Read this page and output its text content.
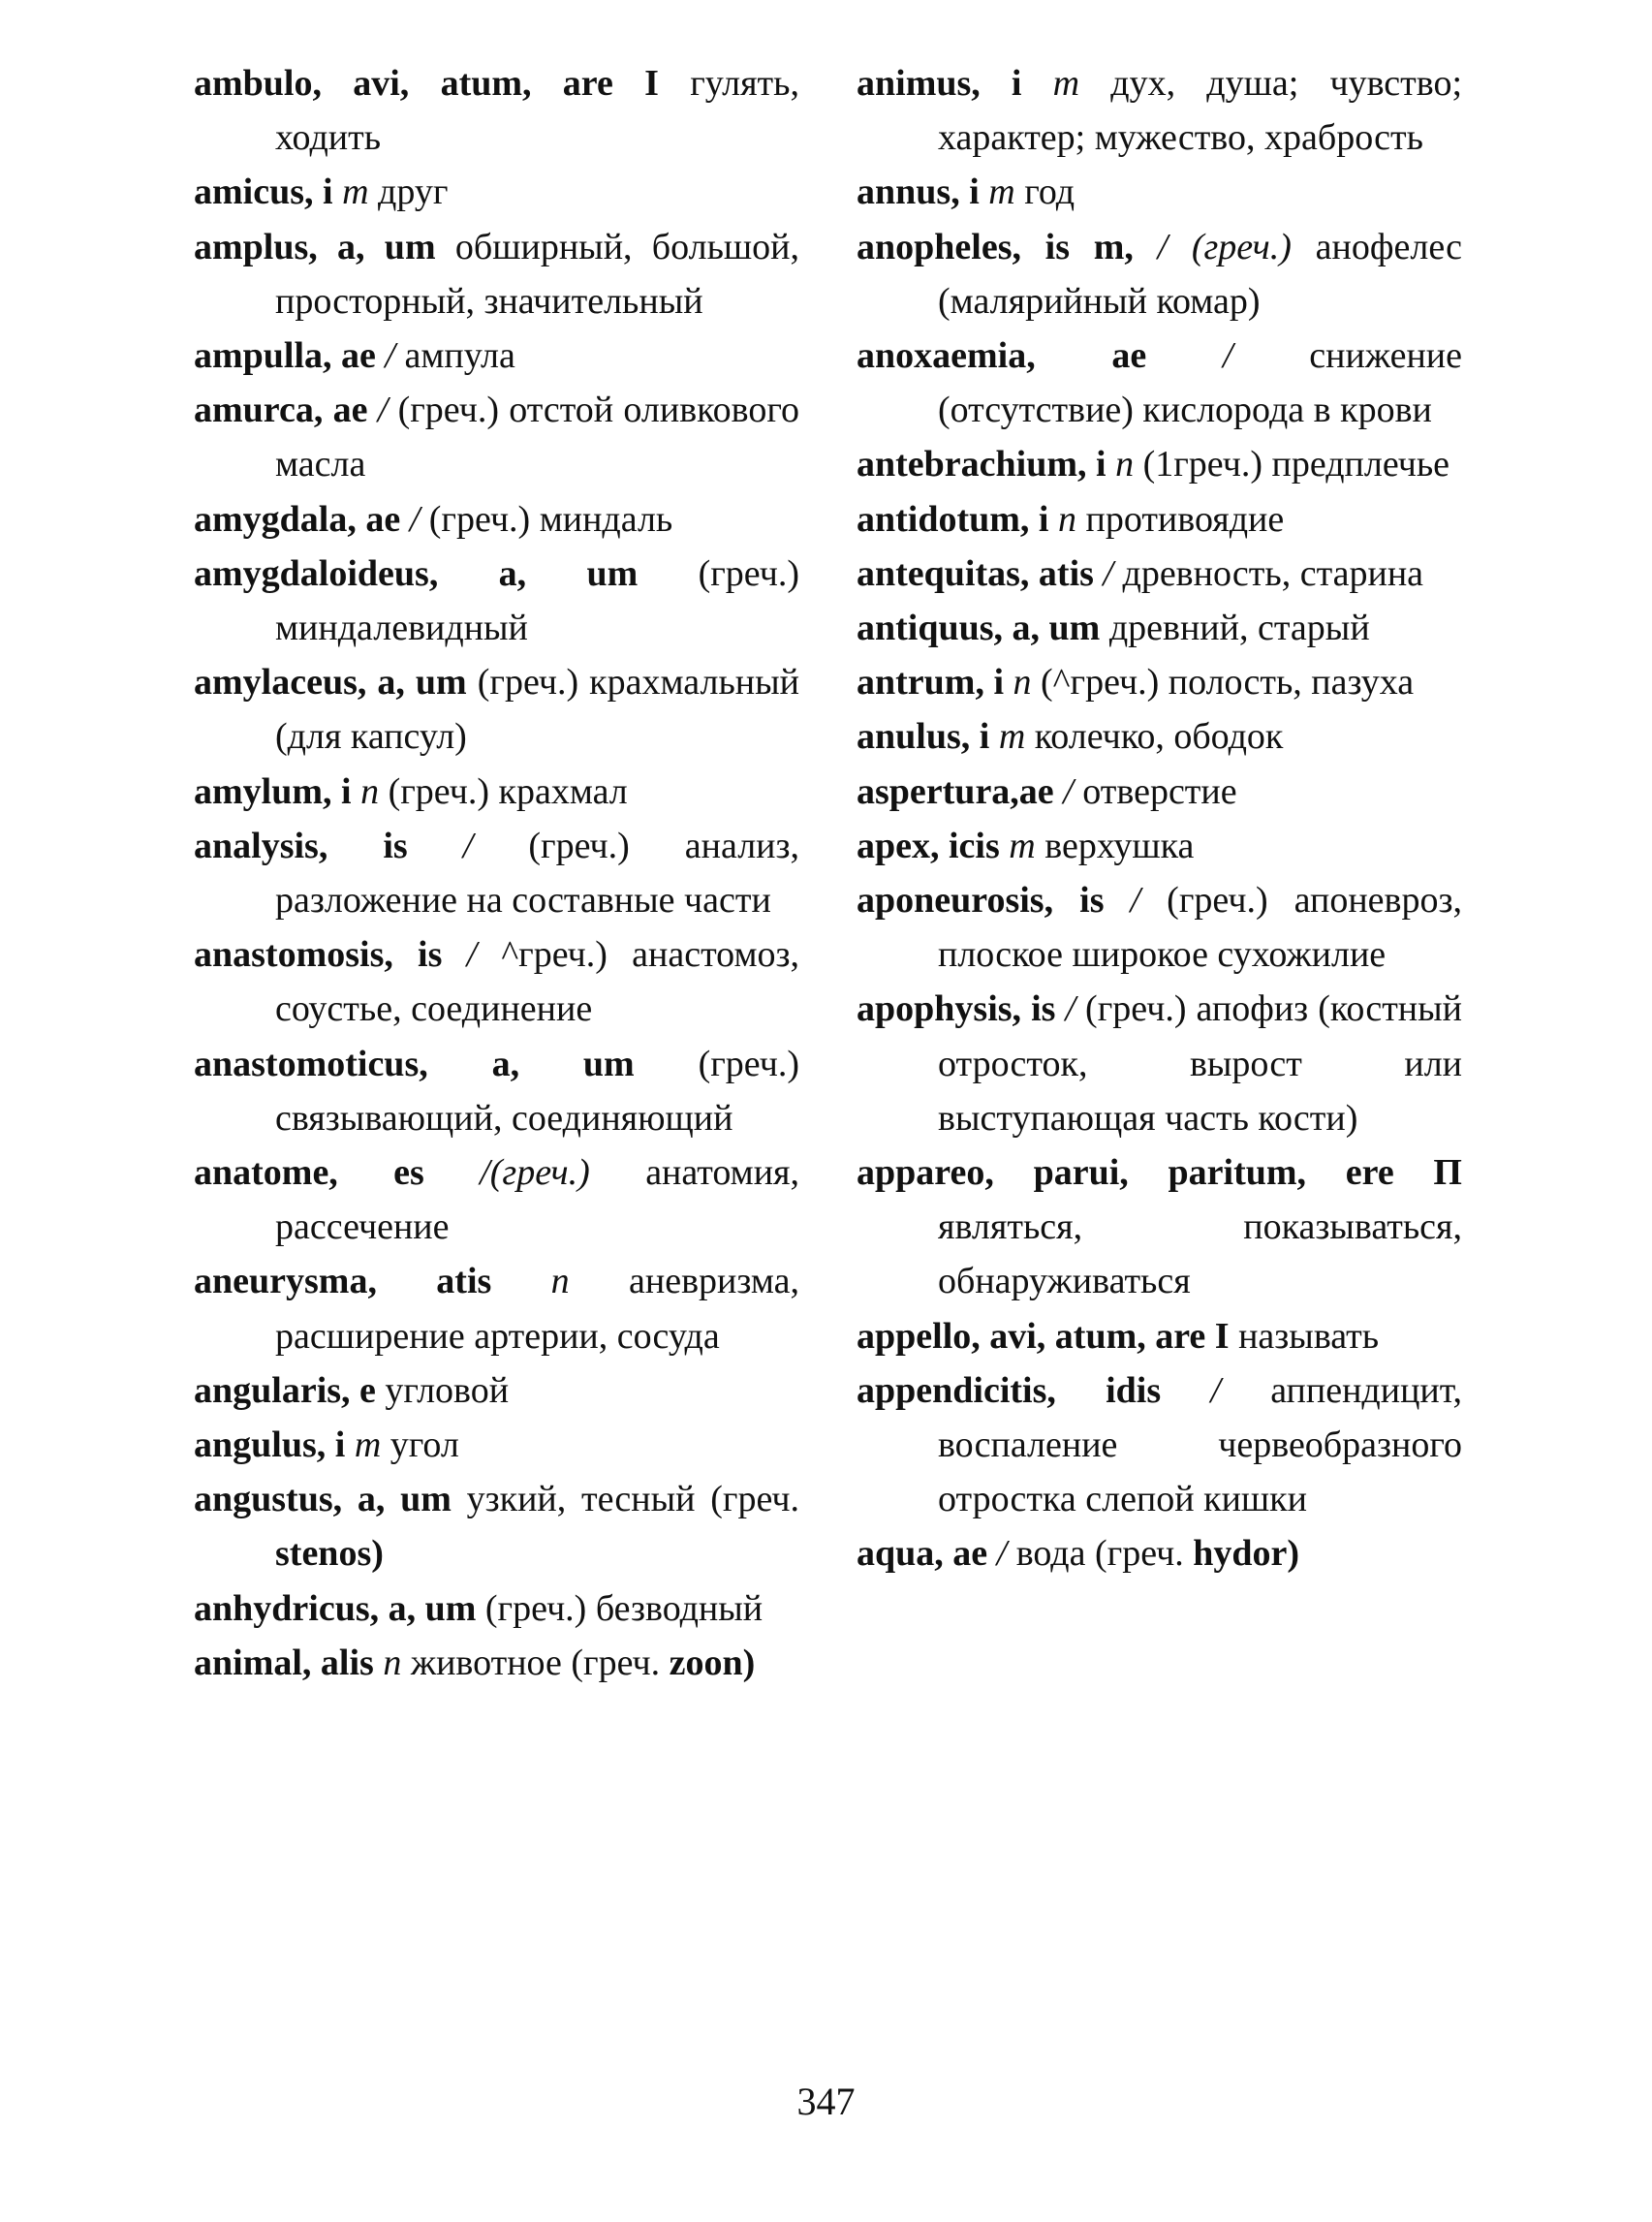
ambulo, avi, atum, are I гулять, ходить

amicus, i m друг

amplus, a, um обширный, большой, просторный, значительный

ampulla, ae / ампула

amurca, ae / (греч.) отстой оливкового масла

amygdala, ae / (греч.) миндаль

amygdaloideus, a, um (греч.) миндалевидный

amylaceus, a, um (греч.) крахмальный (для капсул)

amylum, i n (греч.) крахмал

analysis, is / (греч.) анализ, разложение на составные части

anastomosis, is / ^греч.) анастомоз, соустье, соединение

anastomoticus, a, um (греч.) связывающий, соединяющий

anatome, es /(греч.) анатомия, рассечение

aneurysma, atis n аневризма, расширение артерии, сосуда

angularis, e угловой

angulus, i m угол

angustus, a, um узкий, тесный (греч. stenos)

anhydricus, a, um (греч.) безводный

animal, alis n животное (греч. zoon)

animus, i m дух, душа; чувство; характер; мужество, храбрость

annus, i m год

anopheles, is m, / (греч.) анофелес (малярийный комар)

anoxaemia, ae / снижение (отсутствие) кислорода в крови

antebrachium, i n (1греч.) предплечье

antidotum, i n противоядие

antequitas, atis / древность, старина

antiquus, a, um древний, старый

antrum, i n (^греч.) полость, пазуха

anulus, i m колечко, ободок

aspertura,ae / отверстие

apex, icis m верхушка

aponeurosis, is / (греч.) апоневроз, плоское широкое сухожилие

apophysis, is / (греч.) апофиз (костный отросток, вырост или выступающая часть кости)

appareo, parui, paritum, ere П являться, показываться, обнаруживаться

appello, avi, atum, are I называть

appendicitis, idis / аппендицит, воспаление червеобразного отростка слепой кишки

aqua, ae / вода (греч. hydor)

347
